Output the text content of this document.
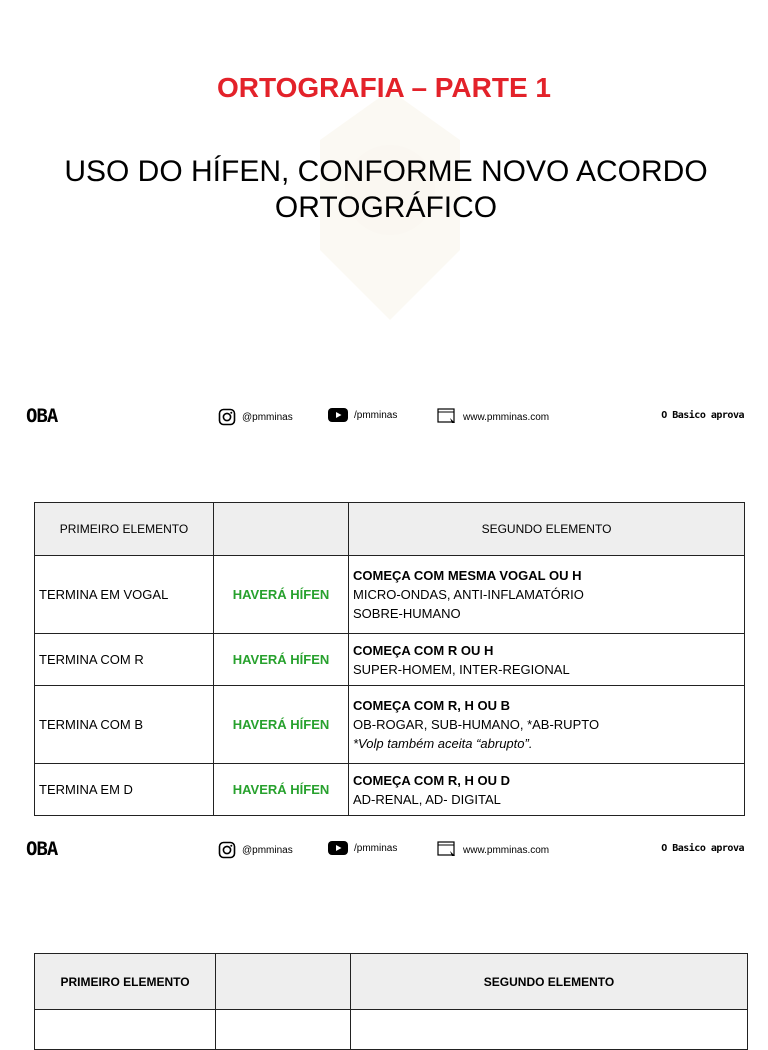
ORTOGRAFIA – PARTE 1
USO DO HÍFEN, CONFORME NOVO ACORDO ORTOGRÁFICO
OBA	@pmminas	/pmminas	www.pmminas.com	O Basico aprova
PRIMEIRO ELEMENTO		SEGUNDO ELEMENTO
TERMINA EM VOGAL	HAVERÁ HÍFEN	COMEÇA COM MESMA VOGAL OU H
MICRO-ONDAS, ANTI-INFLAMATÓRIO
SOBRE-HUMANO

TERMINA COM R	HAVERÁ HÍFEN	COMEÇA COM R OU H
SUPER-HOMEM, INTER-REGIONAL

TERMINA COM B	HAVERÁ HÍFEN	COMEÇA COM R, H OU B
OB-ROGAR, SUB-HUMANO, *AB-RUPTO
*Volp também aceita “abrupto”.

TERMINA EM D	HAVERÁ HÍFEN	COMEÇA COM R, H OU D
AD-RENAL, AD- DIGITAL
OBA	@pmminas	/pmminas	www.pmminas.com	O Basico aprova
PRIMEIRO ELEMENTO		SEGUNDO ELEMENTO
